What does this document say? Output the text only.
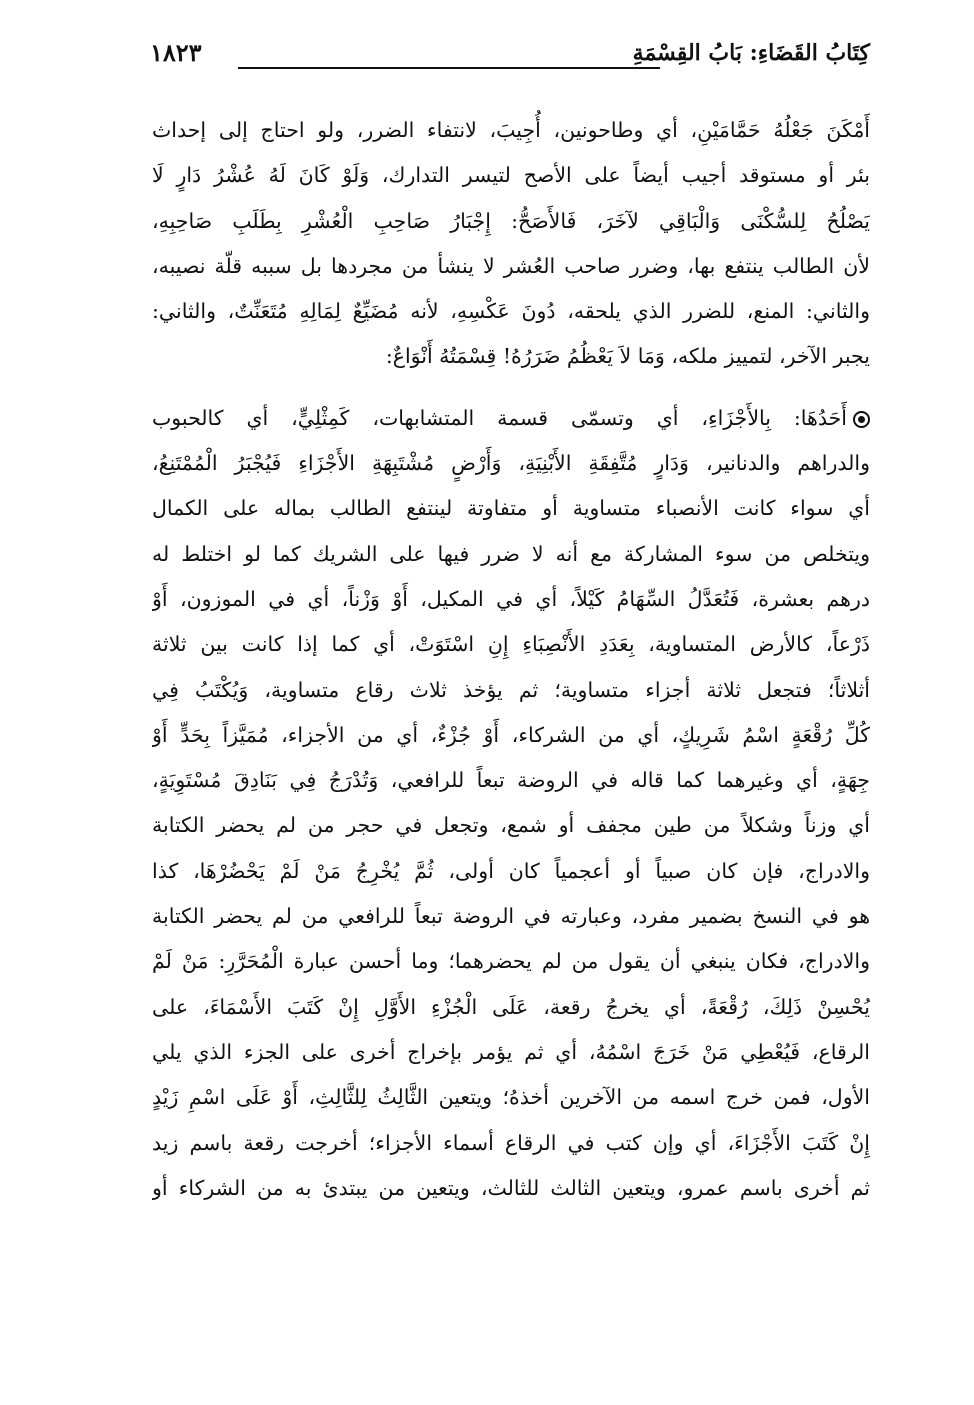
كِتَابُ القَضَاءِ: بَابُ القِسْمَةِ
١٨٢٣
أَمْكَنَ جَعْلُهُ حَمَّامَيْنِ، أي وطاحونين، أُجِيبَ، لانتفاء الضرر، ولو احتاج إلى إحداث
بئر أو مستوقد أجيب أيضاً على الأصح لتيسر التدارك، وَلَوْ كَانَ لَهُ عُشْرُ دَارٍ لَا
يَصْلُحُ لِلسُّكْنَى وَالْبَاقِي لآخَرَ، فَالأَصَحُّ: إِجْبَارُ صَاحِبِ الْعُشْرِ بِطَلَبِ صَاحِبِهِ،
لأن الطالب ينتفع بها، وضرر صاحب العُشر لا ينشأ من مجردها بل سببه قلّة نصيبه،
والثاني: المنع، للضرر الذي يلحقه، دُونَ عَكْسِهِ، لأنه مُضَيِّعٌ لِمَالِهِ مُتَعَنِّتٌ، والثاني:
يجبر الآخر، لتمييز ملكه، وَمَا لاَ يَعْظُمُ ضَرَرُهُ! قِسْمَتُهُ أَنْوَاعٌ:
أَحَدُهَا: بِالأَجْزَاءِ، أي وتسمّى قسمة المتشابهات، كَمِثْلِيٍّ، أي كالحبوب
والدراهم والدنانير، وَدَارٍ مُتَّفِقَةِ الأَبْنِيَةِ، وَأَرْضٍ مُشْتَبِهَةِ الأَجْزَاءِ فَيُجْبَرُ الْمُمْتَنِعُ،
أي سواء كانت الأنصباء متساوية أو متفاوتة لينتفع الطالب بماله على الكمال
ويتخلص من سوء المشاركة مع أنه لا ضرر فيها على الشريك كما لو اختلط له
درهم بعشرة، فَتُعَدَّلُ السِّهَامُ كَيْلاً، أي في المكيل، أَوْ وَزْناً، أي في الموزون، أَوْ
ذَرْعاً، كالأرض المتساوية، بِعَدَدِ الأَنْصِبَاءِ إِنِ اسْتَوَتْ، أي كما إذا كانت بين ثلاثة
أثلاثاً؛ فتجعل ثلاثة أجزاء متساوية؛ ثم يؤخذ ثلاث رقاع متساوية، وَيُكْتَبُ فِي
كُلِّ رُقْعَةٍ اسْمُ شَرِيكٍ، أي من الشركاء، أَوْ جُزْءٌ، أي من الأجزاء، مُمَيَّزاً بِحَدٍّ أَوْ
جِهَةٍ، أي وغيرهما كما قاله في الروضة تبعاً للرافعي، وَتُدْرَجُ فِي بَنَادِقَ مُسْتَوِيَةٍ،
أي وزناً وشكلاً من طين مجفف أو شمع، وتجعل في حجر من لم يحضر الكتابة
والادراج، فإن كان صبياً أو أعجمياً كان أولى، ثُمَّ يُخْرِجُ مَنْ لَمْ يَحْضُرْهَا، كذا
هو في النسخ بضمير مفرد، وعبارته في الروضة تبعاً للرافعي من لم يحضر الكتابة
والادراج، فكان ينبغي أن يقول من لم يحضرهما؛ وما أحسن عبارة الْمُحَرَّرِ: مَنْ لَمْ
يُحْسِنْ ذَلِكَ، رُقْعَةً، أي يخرجُ رقعة، عَلَى الْجُزْءِ الأَوَّلِ إِنْ كَتَبَ الأَسْمَاءَ، على
الرقاع، فَيُعْطِي مَنْ خَرَجَ اسْمُهُ، أي ثم يؤمر بإخراج أخرى على الجزء الذي يلي
الأول، فمن خرج اسمه من الآخرين أخذهُ؛ ويتعين الثَّالِثُ لِلثَّالِثِ، أَوْ عَلَى اسْمِ زَيْدٍ
إِنْ كَتَبَ الأَجْزَاءَ، أي وإن كتب في الرقاع أسماء الأجزاء؛ أخرجت رقعة باسم زيد
ثم أخرى باسم عمرو، ويتعين الثالث للثالث، ويتعين من يبتدئ به من الشركاء أو
